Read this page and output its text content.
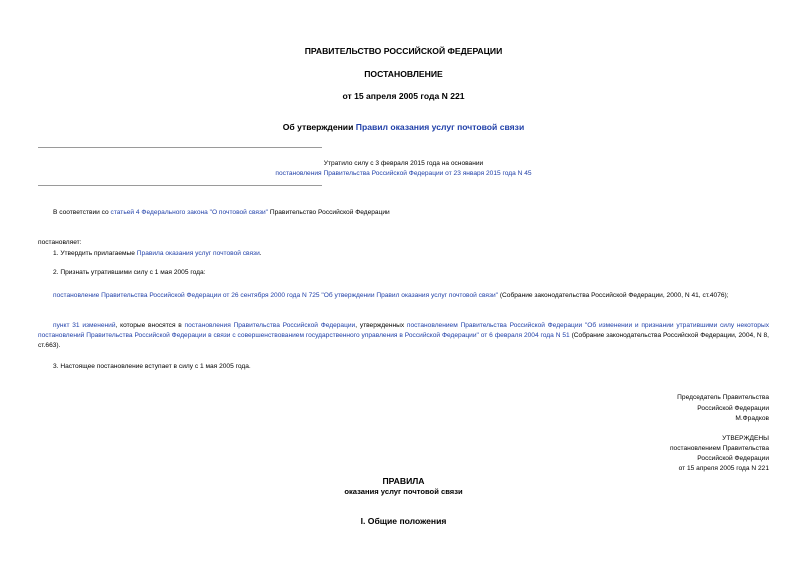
ПРАВИТЕЛЬСТВО РОССИЙСКОЙ ФЕДЕРАЦИИ
ПОСТАНОВЛЕНИЕ
от 15 апреля 2005 года N 221
Об утверждении Правил оказания услуг почтовой связи
Утратило силу с 3 февраля 2015 года на основании
постановления Правительства Российской Федерации от 23 января 2015 года N 45
В соответствии со статьей 4 Федерального закона "О почтовой связи" Правительство Российской Федерации
постановляет:
1. Утвердить прилагаемые Правила оказания услуг почтовой связи.
2. Признать утратившими силу с 1 мая 2005 года:
постановление Правительства Российской Федерации от 26 сентября 2000 года N 725 "Об утверждении Правил оказания услуг почтовой связи" (Собрание законодательства Российской Федерации, 2000, N 41, ст.4076);
пункт 31 изменений, которые вносятся в постановления Правительства Российской Федерации, утвержденных постановлением Правительства Российской Федерации "Об изменении и признании утратившими силу некоторых постановлений Правительства Российской Федерации в связи с совершенствованием государственного управления в Российской Федерации" от 6 февраля 2004 года N 51 (Собрание законодательства Российской Федерации, 2004, N 8, ст.663).
3. Настоящее постановление вступает в силу с 1 мая 2005 года.
Председатель Правительства
Российской Федерации
М.Фрадков
УТВЕРЖДЕНЫ
постановлением Правительства
Российской Федерации
от 15 апреля 2005 года N 221
ПРАВИЛА
оказания услуг почтовой связи
I. Общие положения
